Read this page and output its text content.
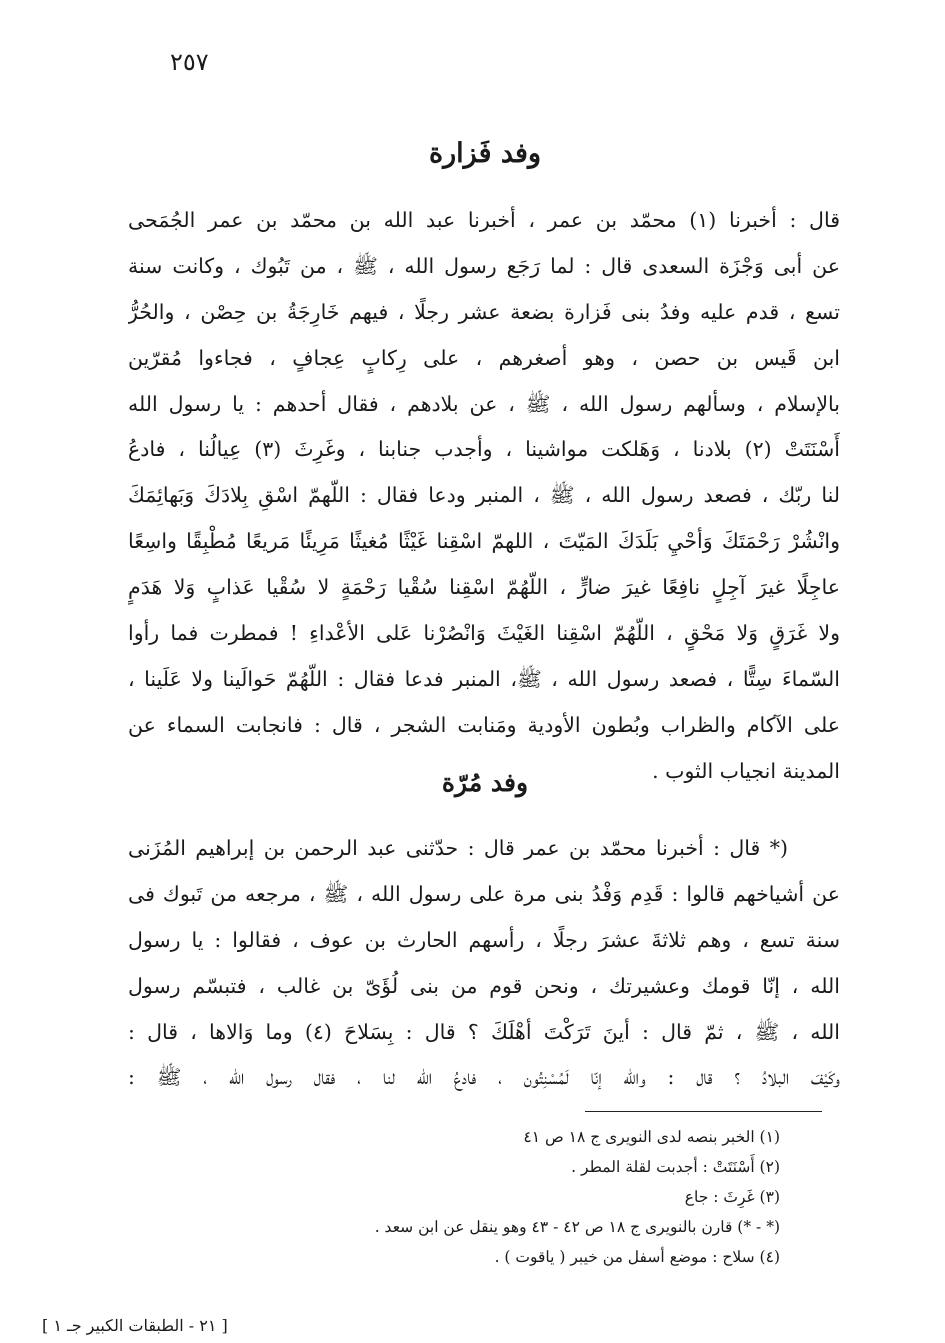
٢٥٧
وفد فَزارة
قال : أخبرنا (١) محمّد بن عمر ، أخبرنا عبد الله بن محمّد بن عمر الجُمَحى
عن أبى وَجْزَة السعدى قال : لما رَجَع رسول الله ، ﷺ ، من تَبُوك ، وكانت سنة
تسع ، قدم عليه وفدُ بنى فَزارة بضعة عشر رجلًا ، فيهم خَارِجَةُ بن حِصْن ، والحُرُّ
ابن قَيس بن حصن ، وهو أصغرهم ، على رِكابٍ عِجافٍ ، فجاءوا مُقرّين
بالإسلام ، وسألهم رسول الله ، ﷺ ، عن بلادهم ، فقال أحدهم : يا رسول الله
أَسْنَتَتْ (٢) بلادنا ، وَهَلكت مواشينا ، وأجدب جنابنا ، وغَرِثَ (٣) عِيالُنا ، فادعُ
لنا ربّك ، فصعد رسول الله ، ﷺ ، المنبر ودعا فقال : اللّهمّ اسْقِ بِلادَكَ وَبَهائِمَكَ
وانْشُرْ رَحْمَتَكَ وَأحْيِ بَلَدَكَ المَيّتَ ، اللهمّ اسْقِنا غَيْثًا مُغيثًا مَرِيئًا مَريعًا مُطْبِقًا واسِعًا
عاجِلًا غيرَ آجِلٍ نافِعًا غيرَ ضارٍّ ، اللّهُمّ اسْقِنا سُقْيا رَحْمَةٍ لا سُقْيا عَذابٍ وَلا هَدَمٍ
ولا غَرَقٍ وَلا مَحْقٍ ، اللّهُمّ اسْقِنا الغَيْثَ وَانْصُرْنا عَلى الأعْداءِ ! فمطرت فما رأوا
السّماءَ سِتًّا ، فصعد رسول الله ، ﷺ، المنبر فدعا فقال : اللّهُمّ حَوالَينا ولا عَلَينا ،
على الآكام والظراب وبُطون الأودية ومَنابت الشجر ، قال : فانجابت السماء عن
المدينة انجياب الثوب .
وفد مُرّة
(* قال : أخبرنا محمّد بن عمر قال : حدّثنى عبد الرحمن بن إبراهيم المُزَنى
عن أشياخهم قالوا : قَدِم وَفْدُ بنى مرة على رسول الله ، ﷺ ، مرجعه من تَبوك فى
سنة تسع ، وهم ثلاثةَ عشرَ رجلًا ، رأسهم الحارث بن عوف ، فقالوا : يا رسول
الله ، إنّا قومك وعشيرتك ، ونحن قوم من بنى لُؤَىّ بن غالب ، فتبسّم رسول
الله ، ﷺ ، ثمّ قال : أينَ تَرَكْتَ أهْلَكَ ؟ قال : بِسَلاحَ (٤) وما وَالاها ، قال :
وكَيْفَ البلادُ ؟ قال : والله إنّا لَمُسْنِتُون ، فادعُ الله لنا ، فقال رسول الله ، ﷺ :
(١) الخبر بنصه لدى النويرى ج ١٨ ص ٤١
(٢) أَسْنَتَتْ : أجدبت لقلة المطر .
(٣) غَرِثَ : جاع
(* - *) قارن بالنويرى ج ١٨ ص ٤٢ - ٤٣ وهو ينقل عن ابن سعد .
(٤) سلاح : موضع أسفل من خيبر ( ياقوت ) .
[ ٢١ - الطبقات الكبير جـ ١ ]
